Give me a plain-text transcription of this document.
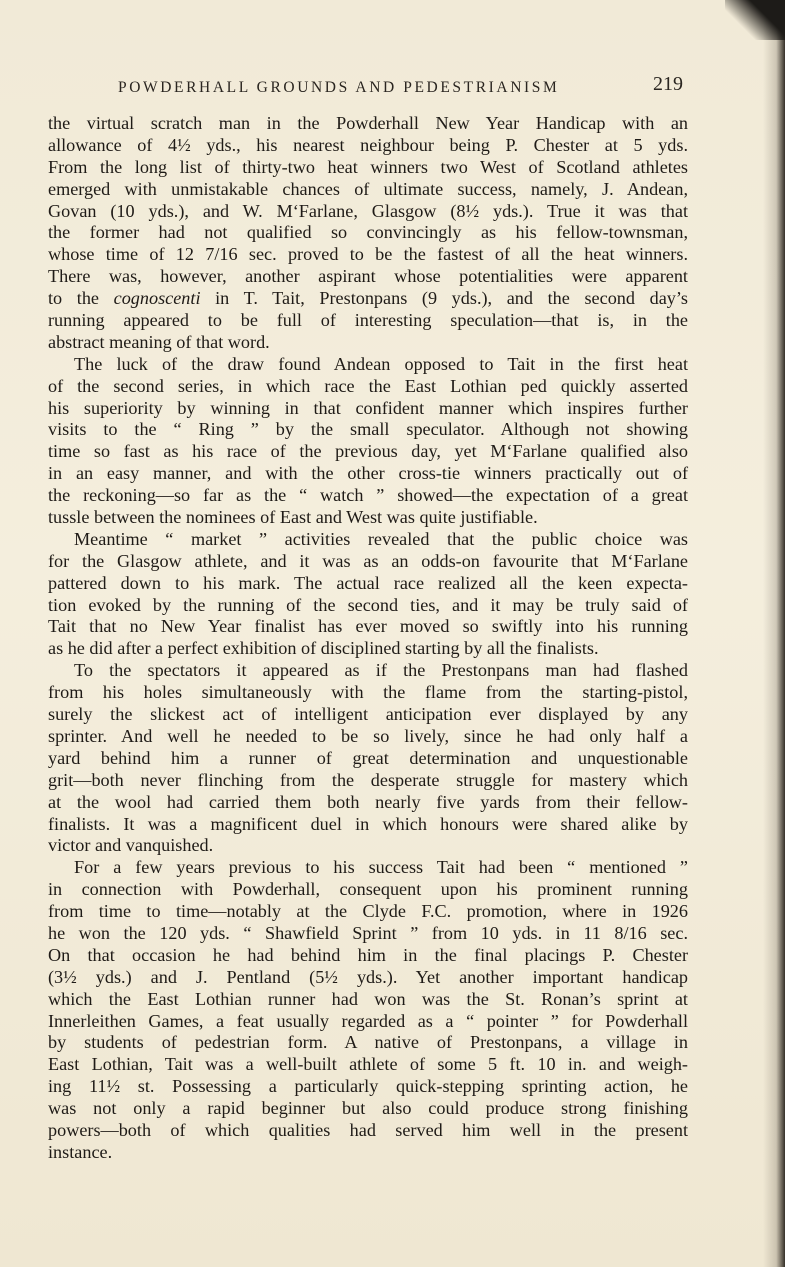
POWDERHALL GROUNDS AND PEDESTRIANISM	219
the virtual scratch man in the Powderhall New Year Handicap with an
allowance of 4½ yds., his nearest neighbour being P. Chester at 5 yds.
From the long list of thirty-two heat winners two West of Scotland athletes
emerged with unmistakable chances of ultimate success, namely, J. Andean,
Govan (10 yds.), and W. M‘Farlane, Glasgow (8½ yds.). True it was that
the former had not qualified so convincingly as his fellow-townsman,
whose time of 12 7/16 sec. proved to be the fastest of all the heat winners.
There was, however, another aspirant whose potentialities were apparent
to the cognoscenti in T. Tait, Prestonpans (9 yds.), and the second day’s
running appeared to be full of interesting speculation—that is, in the
abstract meaning of that word.
The luck of the draw found Andean opposed to Tait in the first heat
of the second series, in which race the East Lothian ped quickly asserted
his superiority by winning in that confident manner which inspires further
visits to the “ Ring ” by the small speculator. Although not showing
time so fast as his race of the previous day, yet M‘Farlane qualified also
in an easy manner, and with the other cross-tie winners practically out of
the reckoning—so far as the “ watch ” showed—the expectation of a great
tussle between the nominees of East and West was quite justifiable.
Meantime “ market ” activities revealed that the public choice was
for the Glasgow athlete, and it was as an odds-on favourite that M‘Farlane
pattered down to his mark. The actual race realized all the keen expecta-
tion evoked by the running of the second ties, and it may be truly said of
Tait that no New Year finalist has ever moved so swiftly into his running
as he did after a perfect exhibition of disciplined starting by all the finalists.
To the spectators it appeared as if the Prestonpans man had flashed
from his holes simultaneously with the flame from the starting-pistol,
surely the slickest act of intelligent anticipation ever displayed by any
sprinter. And well he needed to be so lively, since he had only half a
yard behind him a runner of great determination and unquestionable
grit—both never flinching from the desperate struggle for mastery which
at the wool had carried them both nearly five yards from their fellow-
finalists. It was a magnificent duel in which honours were shared alike by
victor and vanquished.
For a few years previous to his success Tait had been “ mentioned ”
in connection with Powderhall, consequent upon his prominent running
from time to time—notably at the Clyde F.C. promotion, where in 1926
he won the 120 yds. “ Shawfield Sprint ” from 10 yds. in 11 8/16 sec.
On that occasion he had behind him in the final placings P. Chester
(3½ yds.) and J. Pentland (5½ yds.). Yet another important handicap
which the East Lothian runner had won was the St. Ronan’s sprint at
Innerleithen Games, a feat usually regarded as a “ pointer ” for Powderhall
by students of pedestrian form. A native of Prestonpans, a village in
East Lothian, Tait was a well-built athlete of some 5 ft. 10 in. and weigh-
ing 11½ st. Possessing a particularly quick-stepping sprinting action, he
was not only a rapid beginner but also could produce strong finishing
powers—both of which qualities had served him well in the present
instance.
